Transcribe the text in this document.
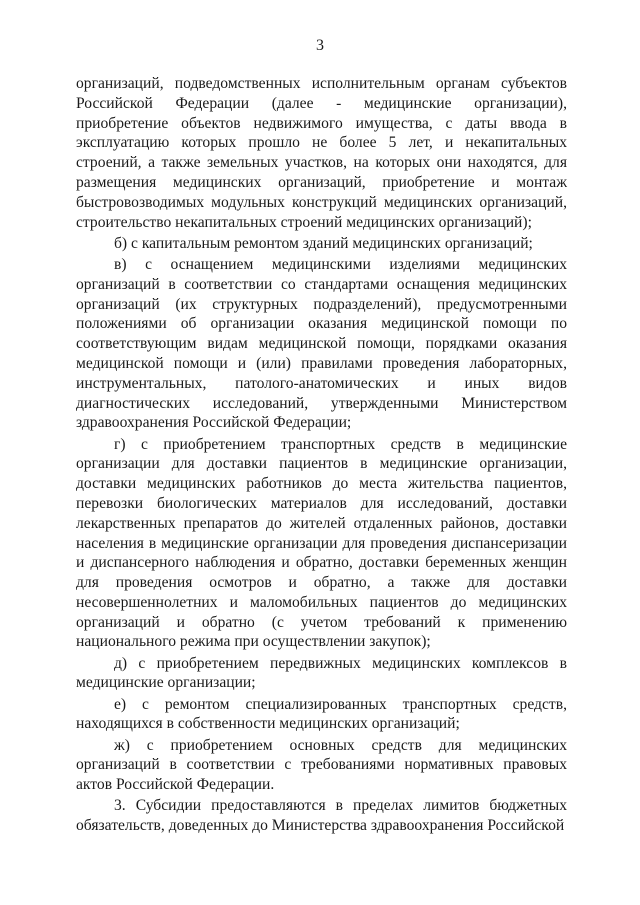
3

организаций, подведомственных исполнительным органам субъектов Российской Федерации (далее - медицинские организации), приобретение объектов недвижимого имущества, с даты ввода в эксплуатацию которых прошло не более 5 лет, и некапитальных строений, а также земельных участков, на которых они находятся, для размещения медицинских организаций, приобретение и монтаж быстровозводимых модульных конструкций медицинских организаций, строительство некапитальных строений медицинских организаций);

б) с капитальным ремонтом зданий медицинских организаций;

в) с оснащением медицинскими изделиями медицинских организаций в соответствии со стандартами оснащения медицинских организаций (их структурных подразделений), предусмотренными положениями об организации оказания медицинской помощи по соответствующим видам медицинской помощи, порядками оказания медицинской помощи и (или) правилами проведения лабораторных, инструментальных, патолого-анатомических и иных видов диагностических исследований, утвержденными Министерством здравоохранения Российской Федерации;

г) с приобретением транспортных средств в медицинские организации для доставки пациентов в медицинские организации, доставки медицинских работников до места жительства пациентов, перевозки биологических материалов для исследований, доставки лекарственных препаратов до жителей отдаленных районов, доставки населения в медицинские организации для проведения диспансеризации и диспансерного наблюдения и обратно, доставки беременных женщин для проведения осмотров и обратно, а также для доставки несовершеннолетних и маломобильных пациентов до медицинских организаций и обратно (с учетом требований к применению национального режима при осуществлении закупок);

д) с приобретением передвижных медицинских комплексов в медицинские организации;

е) с ремонтом специализированных транспортных средств, находящихся в собственности медицинских организаций;

ж) с приобретением основных средств для медицинских организаций в соответствии с требованиями нормативных правовых актов Российской Федерации.

3. Субсидии предоставляются в пределах лимитов бюджетных обязательств, доведенных до Министерства здравоохранения Российской
